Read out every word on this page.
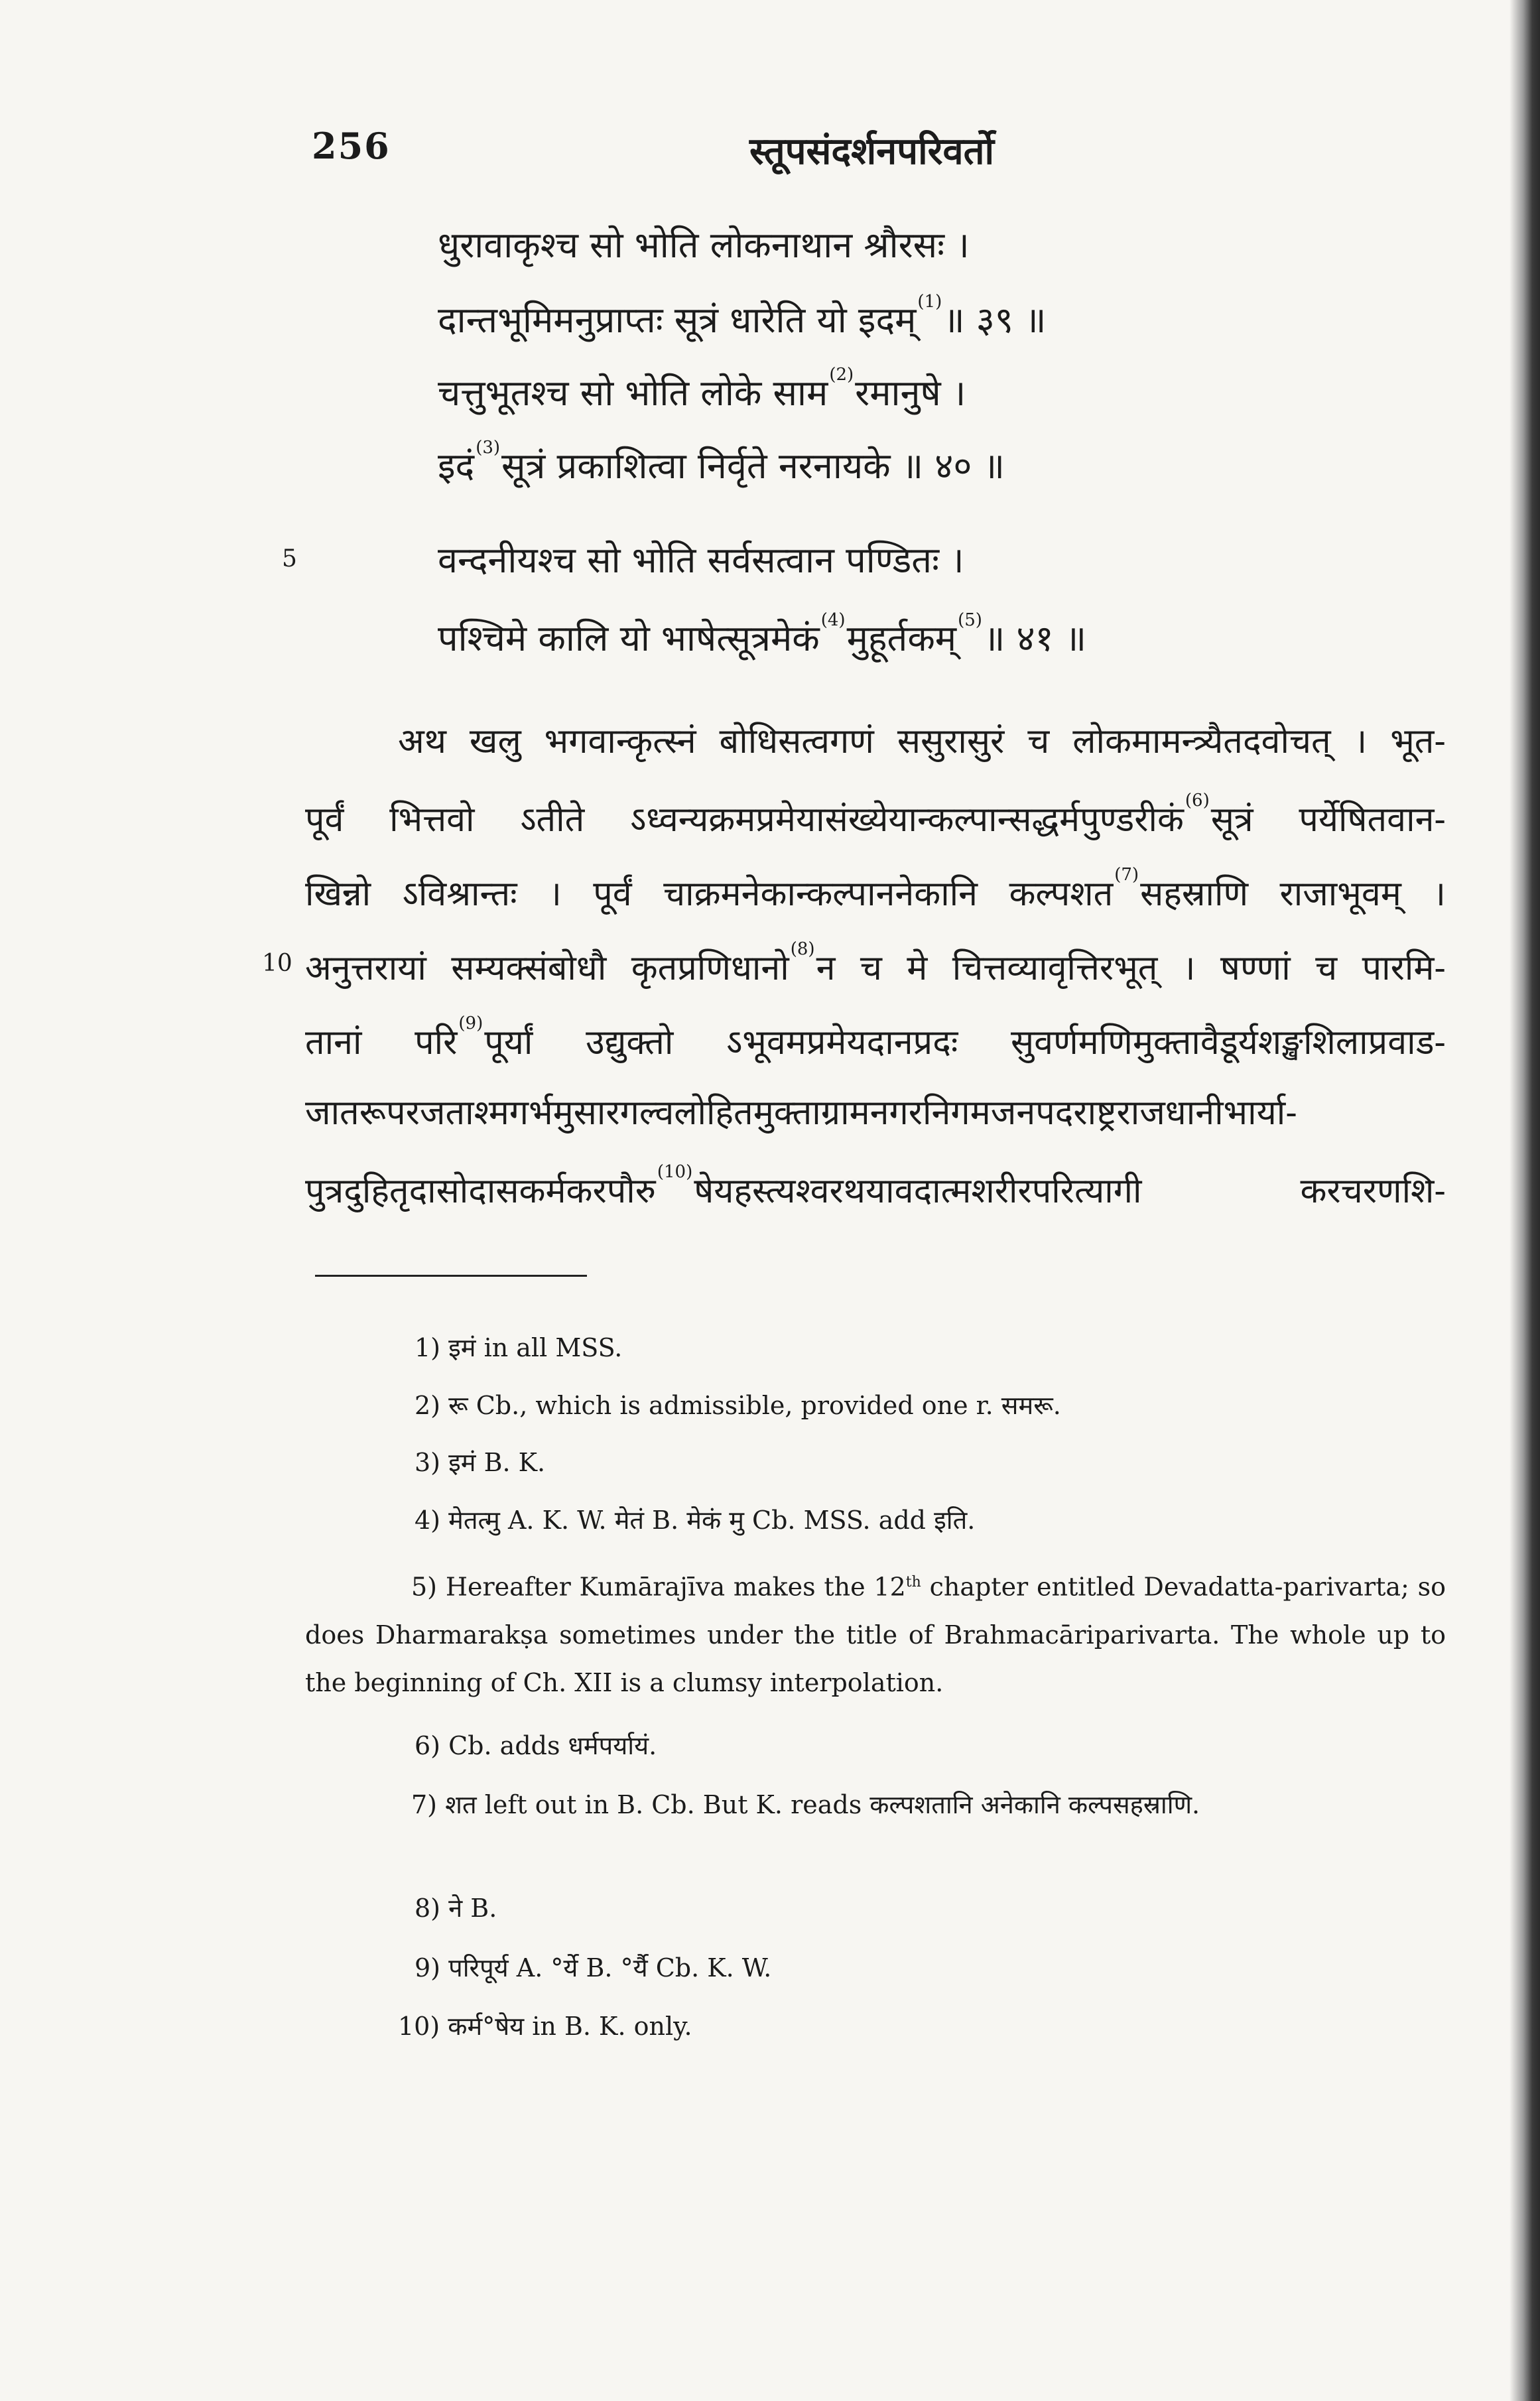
256	स्तूपसंदर्शनपरिवर्तो
धुरावाकृश्च सो भोति लोकनाथान श्रौरसः ।
दान्तभूमिमनुप्राप्तः सूत्रं धारेति यो इदम्$^{(1)}$॥ ३९ ॥
चत्तुभूतश्च सो भोति लोके साम$^{(2)}$रमानुषे ।
इदं$^{(3)}$सूत्रं प्रकाशित्वा निर्वृते नरनायके ॥ ४० ॥
5	वन्दनीयश्च सो भोति सर्वसत्वान पण्डितः ।
पश्चिमे कालि यो भाषेत्सूत्रमेकं$^{(4)}$मुहूर्तकम्$^{(5)}$॥ ४१ ॥
अथ खलु भगवान्कृत्स्नं बोधिसत्वगणं ससुरासुरं च लोकमामन्त्र्यैतदवोचत् । भूत-
पूर्वं भित्तवो ऽतीते ऽध्वन्यक्रमप्रमेयासंख्येयान्कल्पान्सद्धर्मपुण्डरीकं$^{(6)}$सूत्रं पर्येषितवान-
खिन्नो ऽविश्रान्तः । पूर्वं चाक्रमनेकान्कल्पाननेकानि कल्पशत$^{(7)}$सहस्राणि राजाभूवम् ।
10 अनुत्तरायां सम्यक्संबोधौ कृतप्रणिधानो$^{(8)}$न च मे चित्तव्यावृत्तिरभूत् । षण्णां च पारमि-
तानां परि$^{(9)}$पूर्यां उद्युक्तो ऽभूवमप्रमेयदानप्रदः सुवर्णमणिमुक्तावैडूर्यशङ्खशिलाप्रवाड-
जातरूपरजताश्मगर्भमुसारगल्वलोहितमुक्ताग्रामनगरनिगमजनपदराष्ट्रराजधानीभार्या-
पुत्रदुहितृदासोदासकर्मकरपौरु$^{(10)}$षेयहस्त्यश्वरथयावदात्मशरीरपरित्यागी करचरणशि-
1) इमं in all MSS.
2) रू Cb., which is admissible, provided one r. समरू.
3) इमं B. K.
4) मेतत्मु A. K. W. मेतं B. मेकं मु Cb. MSS. add इति.
5) Hereafter Kumārajīva makes the 12th chapter entitled Devadatta-parivarta; so does Dharmarakṣa sometimes under the title of Brahmacāriparivarta. The whole up to the beginning of Ch. XII is a clumsy interpolation.
6) Cb. adds धर्मपर्यायं.
7) शत left out in B. Cb. But K. reads कल्पशतानि अनेकानि कल्पसहस्राणि.
8) ने B.
9) परिपूर्य A. °र्ये B. °र्यै Cb. K. W.
10) कर्म°षेय in B. K. only.
